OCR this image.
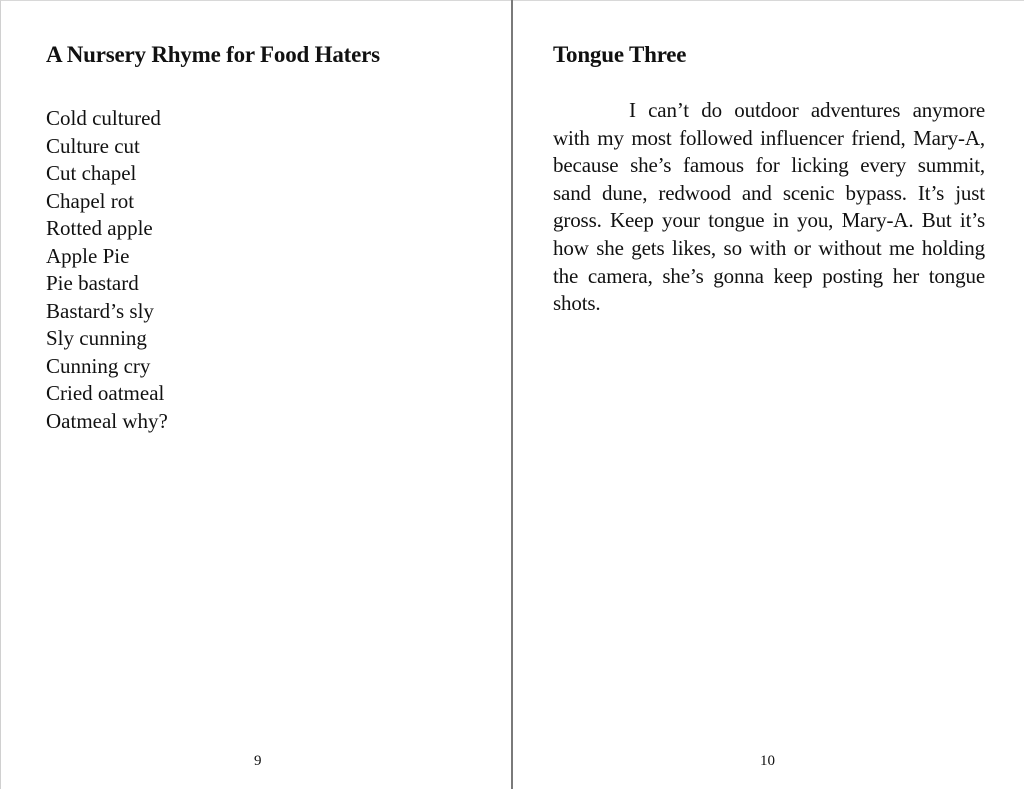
A Nursery Rhyme for Food Haters
Cold cultured
Culture cut
Cut chapel
Chapel rot
Rotted apple
Apple Pie
Pie bastard
Bastard’s sly
Sly cunning
Cunning cry
Cried oatmeal
Oatmeal why?
9
Tongue Three

I can’t do outdoor adventures anymore with my most followed influencer friend, Mary-A, because she’s famous for licking every summit, sand dune, redwood and scenic bypass. It’s just gross. Keep your tongue in you, Mary-A. But it’s how she gets likes, so with or without me holding the camera, she’s gonna keep posting her tongue shots.

10
